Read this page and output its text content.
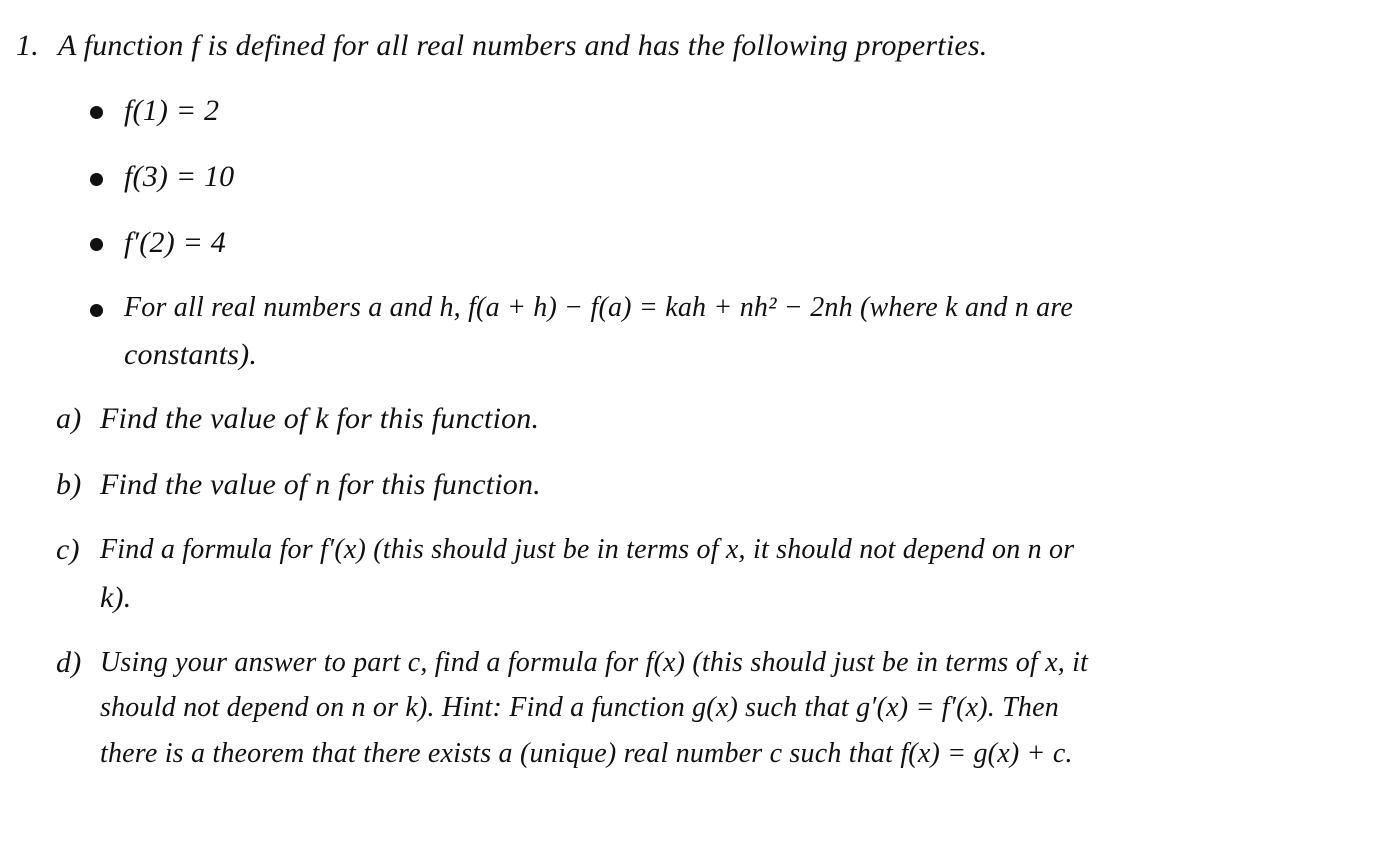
1. A function f is defined for all real numbers and has the following properties.
f(1) = 2
f(3) = 10
f′(2) = 4
For all real numbers a and h, f(a + h) − f(a) = kah + nh² − 2nh (where k and n are
constants).
a) Find the value of k for this function.
b) Find the value of n for this function.
c) Find a formula for f′(x) (this should just be in terms of x, it should not depend on n or
k).
d) Using your answer to part c, find a formula for f(x) (this should just be in terms of x, it
should not depend on n or k). Hint: Find a function g(x) such that g′(x) = f′(x). Then
there is a theorem that there exists a (unique) real number c such that f(x) = g(x) + c.
